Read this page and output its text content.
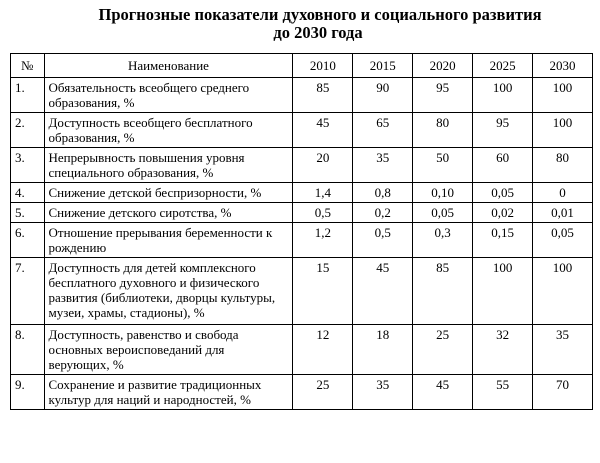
Прогнозные показатели духовного и социального развития
до 2030 года
№	Наименование	2010	2015	2020	2025	2030
1.	Обязательность всеобщего среднего образования, %	85	90	95	100	100
2.	Доступность всеобщего бесплатного образования, %	45	65	80	95	100
3.	Непрерывность повышения уровня специального образования, %	20	35	50	60	80
4.	Снижение детской беспризорности, %	1,4	0,8	0,10	0,05	0
5.	Снижение детского сиротства, %	0,5	0,2	0,05	0,02	0,01
6.	Отношение прерывания беременности к рождению	1,2	0,5	0,3	0,15	0,05
7.	Доступность для детей комплексного бесплатного духовного и физического развития (библиотеки, дворцы культуры, музеи, храмы, стадионы), %	15	45	85	100	100
8.	Доступность, равенство и свобода основных вероисповеданий для верующих, %	12	18	25	32	35
9.	Сохранение и развитие традиционных культур для наций и народностей, %	25	35	45	55	70
